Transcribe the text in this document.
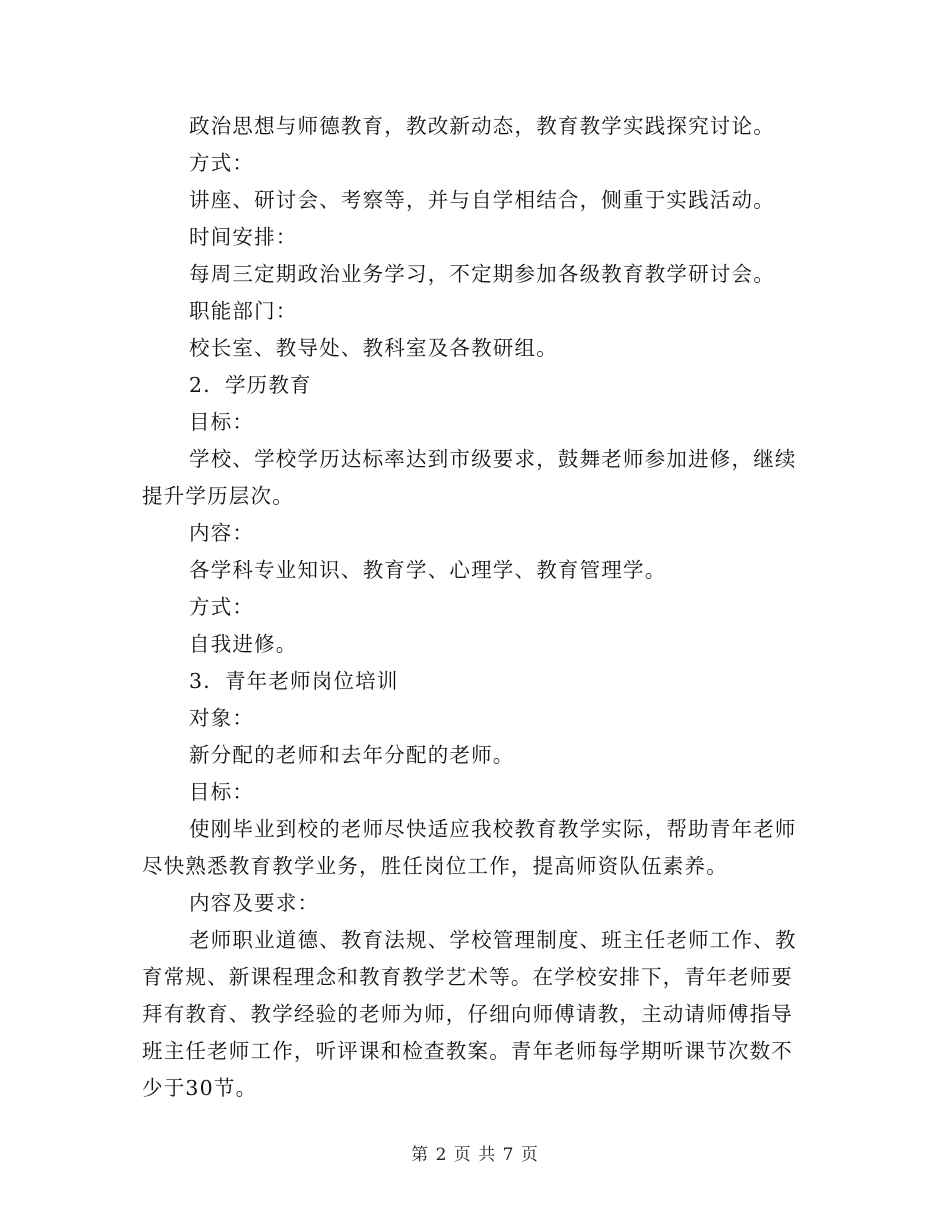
政治思想与师德教育，教改新动态，教育教学实践探究讨论。

方式：

讲座、研讨会、考察等，并与自学相结合，侧重于实践活动。

时间安排：

每周三定期政治业务学习，不定期参加各级教育教学研讨会。

职能部门：

校长室、教导处、教科室及各教研组。

2．学历教育

目标：

学校、学校学历达标率达到市级要求，鼓舞老师参加进修，继续

提升学历层次。

内容：

各学科专业知识、教育学、心理学、教育管理学。

方式：

自我进修。

3．青年老师岗位培训

对象：

新分配的老师和去年分配的老师。

目标：

使刚毕业到校的老师尽快适应我校教育教学实际，帮助青年老师

尽快熟悉教育教学业务，胜任岗位工作，提高师资队伍素养。

内容及要求：

老师职业道德、教育法规、学校管理制度、班主任老师工作、教

育常规、新课程理念和教育教学艺术等。在学校安排下，青年老师要

拜有教育、教学经验的老师为师，仔细向师傅请教，主动请师傅指导

班主任老师工作，听评课和检查教案。青年老师每学期听课节次数不

少于30节。

第 2 页 共 7 页
